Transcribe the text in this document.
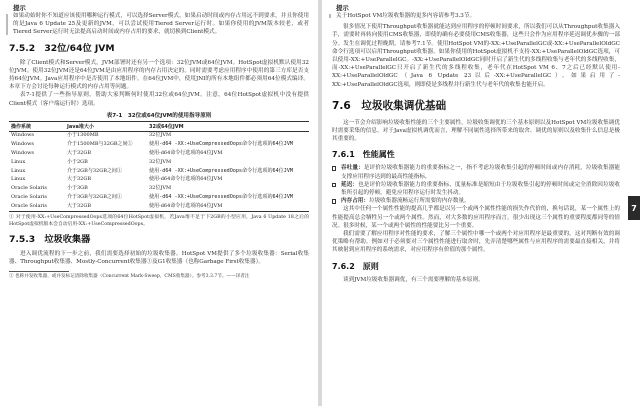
提示

如果动始时你不知道应该使用哪种运行模式，可以选择Server模式。如果启动时间或内存占用远不到要求，并且你使用的是Java 6 Update 25及更新的JVM，可以尝试使用Tiered Server运行时。如果你使用的JVM版本较老，或者Tiered Server运行时无法提高启动时间或内存占用的要求，就切换到Client模式。

7.5.2　32位/64位 JVM

除了Client模式和Server模式，JVM部署时还有另一个选项：32位JVM或64位JVM。HotSpot虚拟机默认使用32位JVM。使用32位JVM还是64位JVM是由应用程序的内存占用决定的。同时需要考虑应用程序中使用的第三方库是否支持64位JVM。Java应用程序中是否使用了本地组件。在64位JVM中，使用JNI的所有本地组件都必须用64位模式编译。本章下方会讨论每种运行模式的内存占用等问题。

表7-1提供了一些指导原则，帮助大家判断何时使用32位或64位JVM。注意，64位HotSpot虚拟机中没有提供Client模式（客户端运行时）选项。

表7-1　32位或64位JVM的使用指导原则
操作系统	Java堆大小	32或64位JVM
Windows	小于1300MB	32位JVM
Windows	介于1500MB与32GB之间①	使用-d64 -XX:+UseCompressedOops命令行选项的64位JVM
Windows	大于32GB	使用-d64命令行选项的64位JVM
Linux	小于2GB	32位JVM
Linux	介于2GB与32GB之间①	使用-d64 -XX:+UseCompressedOops命令行选项的64位JVM
Linux	大于32GB	使用-d64命令行选项的64位JVM
Oracle Solaris	小于3GB	32位JVM
Oracle Solaris	介于3GB与32GB之间①	使用-d64 -XX:+UseCompressedOops命令行选项的64位JVM
Oracle Solaris	大于32GB	使用-d64命令行选项的64位JVM

① 对于使用-XX:+UseCompressedOops选项的64位HotSpot虚拟机，若Java堆不足于下2GB的小型应用，Java 6 Update 18之后的HotSpot虚拟机版本会自动启用-XX:+UseCompressedOops。

7.5.3　垃圾收集器

进入调优流程的下一步之前，我们需要选择初始的垃圾收集器。HotSpot VM提供了多个垃圾收集器：Serial收集器、Throughput收集器、Mostly-Concurrent收集器①及G1收集器（也称Garbage First收集器）。

① 也称并发收集器，或并发标记清除收集器（Concurrent Mark-Sweep，CMS收集器）。参考3.3.7节。——译者注

提示

关于HotSpot VM垃圾收集器的更多内容请参考3.3节。

很多情况下使用Throughput收集器就能达到应用程序的停顿时间要求，所以我们可以从Throughput收集器入手，需要时再转向使用CMS收集器，即使的确有必要使用CMS收集器，这些只会作为应用程序延迟调优步骤的一部分。发生在调优过程晚期，请参考7.1节。使用HotSpot VM的-XX:+UseParallelGC或-XX:+UseParallelOldGC命令行选项可以启用Throughput收集器。如果你使用的HotSpot虚拟机不支持-XX:+UseParallelOldGC选项，可以使用-XX:+UseParallelGC。-XX:+UseParallelOldGC同时开启了新生代的多线程收集与老年代的多线程收集，而-XX:+UseParallelGC只开启了新生代的多线程收集，老年代在HotSpot VM 6、7之后已经默认使用-XX:+UseParallelOldGC（Java 6 Update 23以后-XX:+UseParallelGC）。如果启用了-XX:+UseParallelOldGC选项，则即使是多线程并行新生代与老年代的收集也能开启。

7.6　垃圾收集调优基础

这一节会介绍影响垃圾收集性能的三个主要属性，垃圾收集调优的三个基本原则以及HotSpot VM垃圾收集调优时需要采集的信息。对于Java虚拟机调优而言，理解不同属性选择所带来的取舍、调优的原则以及收集什么信息是极其重要的。

7.6.1　性能属性
吞吐量：是评价垃圾收集器能力的重要指标之一，指不考虑垃圾收集引起的停顿时间或内存消耗，垃圾收集器能支撑应用程序达到的最高性能指标。
延迟：也是评价垃圾收集器能力的重要指标，度量标准是缩短由于垃圾收集引起的停顿时间或完全消除因垃圾收集所引起的停顿，避免应用程序运行时发生抖动。
内存占用：垃圾收集器流畅运行所需要的内存数量。

这其中任何一个属性性能的提高几乎都是以另一个或两个属性性能的损失作代价的，换句话说，某一个属性上的性能提高总会牺牲另一个或两个属性。然而，对大多数的应用程序而言，很少出现这三个属性的重要程度都同等的情况。很多时候，某一个或两个属性的性能要比另一个重要。

我们需要了解应用程序对性能的要求，了解三个属性中哪一个或两个对应用程序是最重要的，这对判断有效的调优策略有帮助。例如对于必须要对三个属性性能进行取舍时，先弄清楚哪些属性与应用程序的需要最直接相关，并将其映射到应用程序的系统需求，对应用程序有价值的那个属性。

7.6.2　原则

谈到JVM垃圾收集器调优，有三个需要理解的基本原则。

7
